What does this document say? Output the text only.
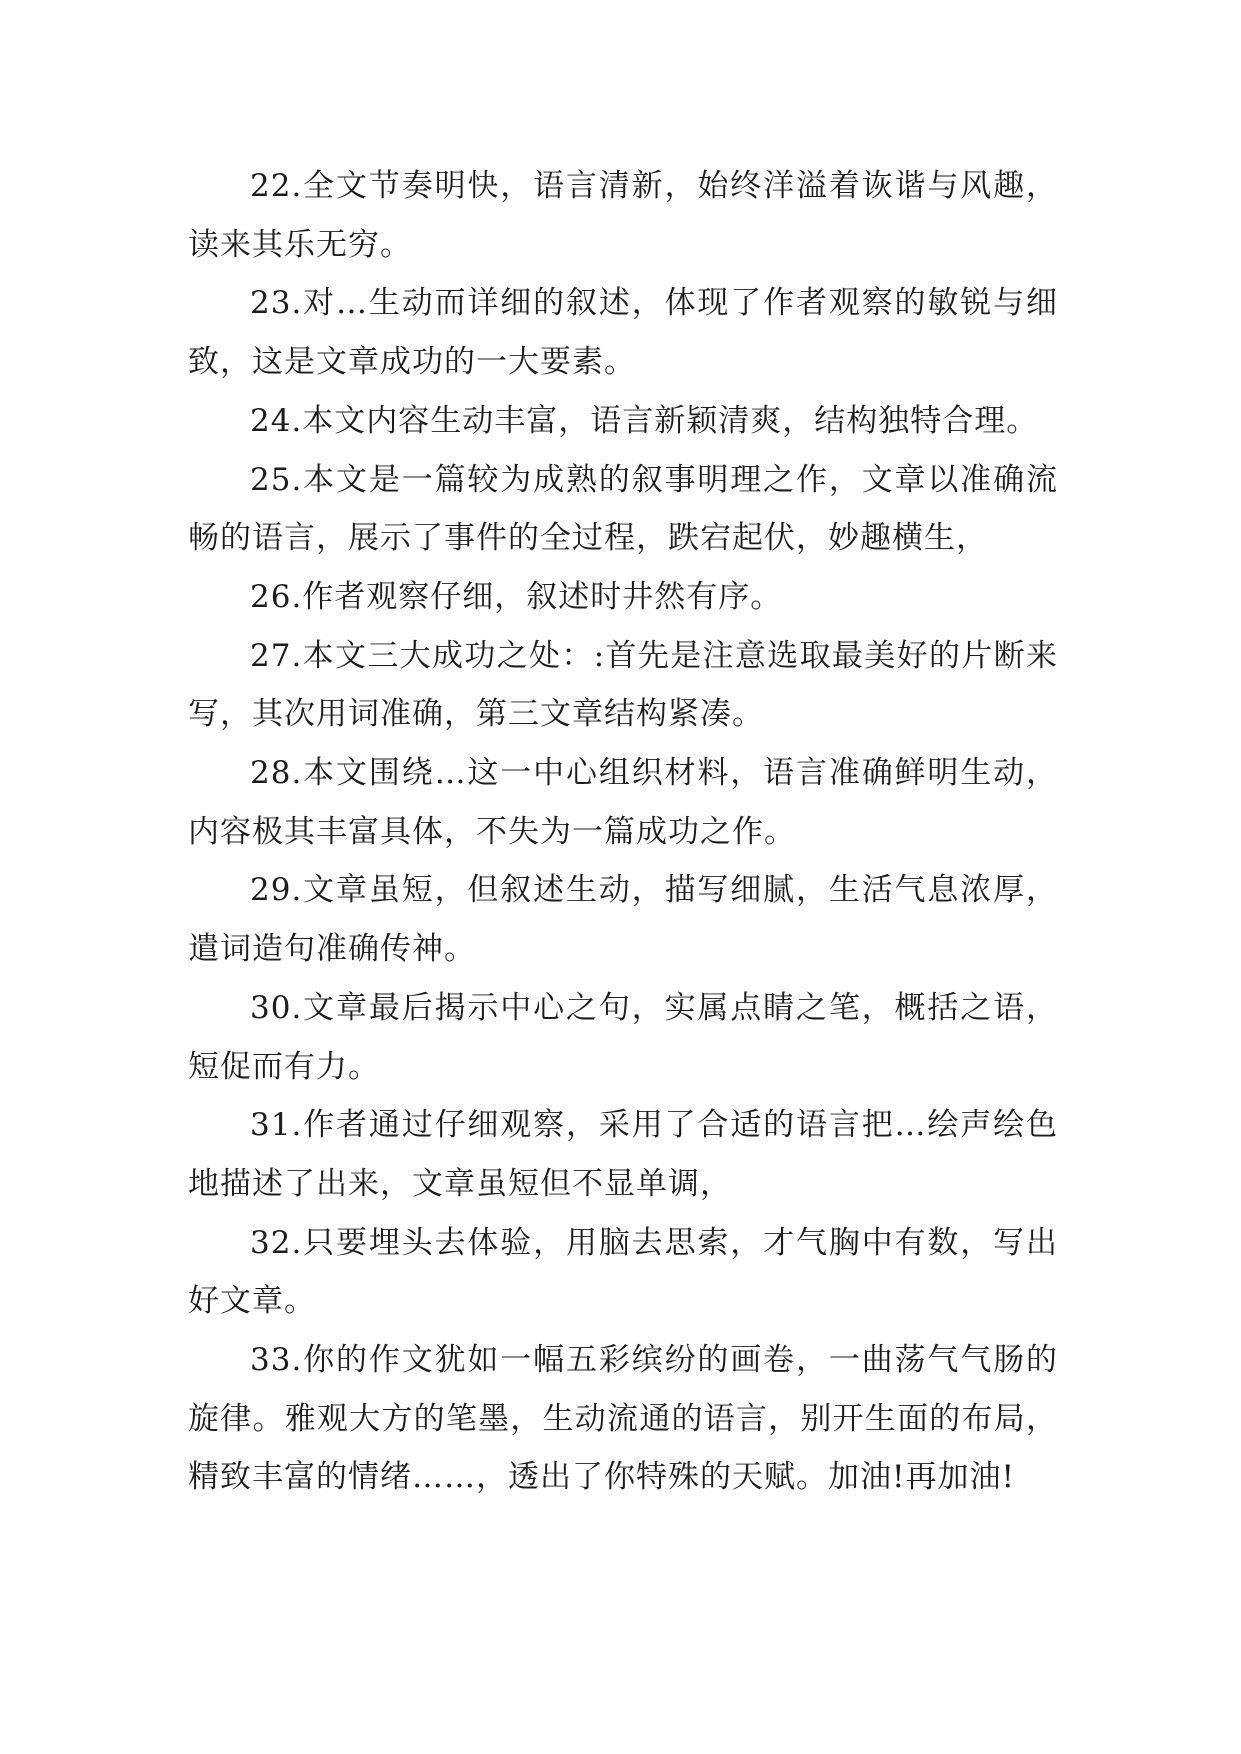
22.全文节奏明快，语言清新，始终洋溢着诙谐与风趣，读来其乐无穷。

23.对…生动而详细的叙述，体现了作者观察的敏锐与细致，这是文章成功的一大要素。

24.本文内容生动丰富，语言新颖清爽，结构独特合理。

25.本文是一篇较为成熟的叙事明理之作，文章以准确流畅的语言，展示了事件的全过程，跌宕起伏，妙趣横生，

26.作者观察仔细，叙述时井然有序。

27.本文三大成功之处：:首先是注意选取最美好的片断来写，其次用词准确，第三文章结构紧凑。

28.本文围绕…这一中心组织材料，语言准确鲜明生动，内容极其丰富具体，不失为一篇成功之作。

29.文章虽短，但叙述生动，描写细腻，生活气息浓厚，遣词造句准确传神。

30.文章最后揭示中心之句，实属点睛之笔，概括之语，短促而有力。

31.作者通过仔细观察，采用了合适的语言把…绘声绘色地描述了出来，文章虽短但不显单调，

32.只要埋头去体验，用脑去思索，才气胸中有数，写出好文章。

33.你的作文犹如一幅五彩缤纷的画卷，一曲荡气气肠的旋律。雅观大方的笔墨，生动流通的语言，别开生面的布局，精致丰富的情绪……，透出了你特殊的天赋。加油!再加油!
